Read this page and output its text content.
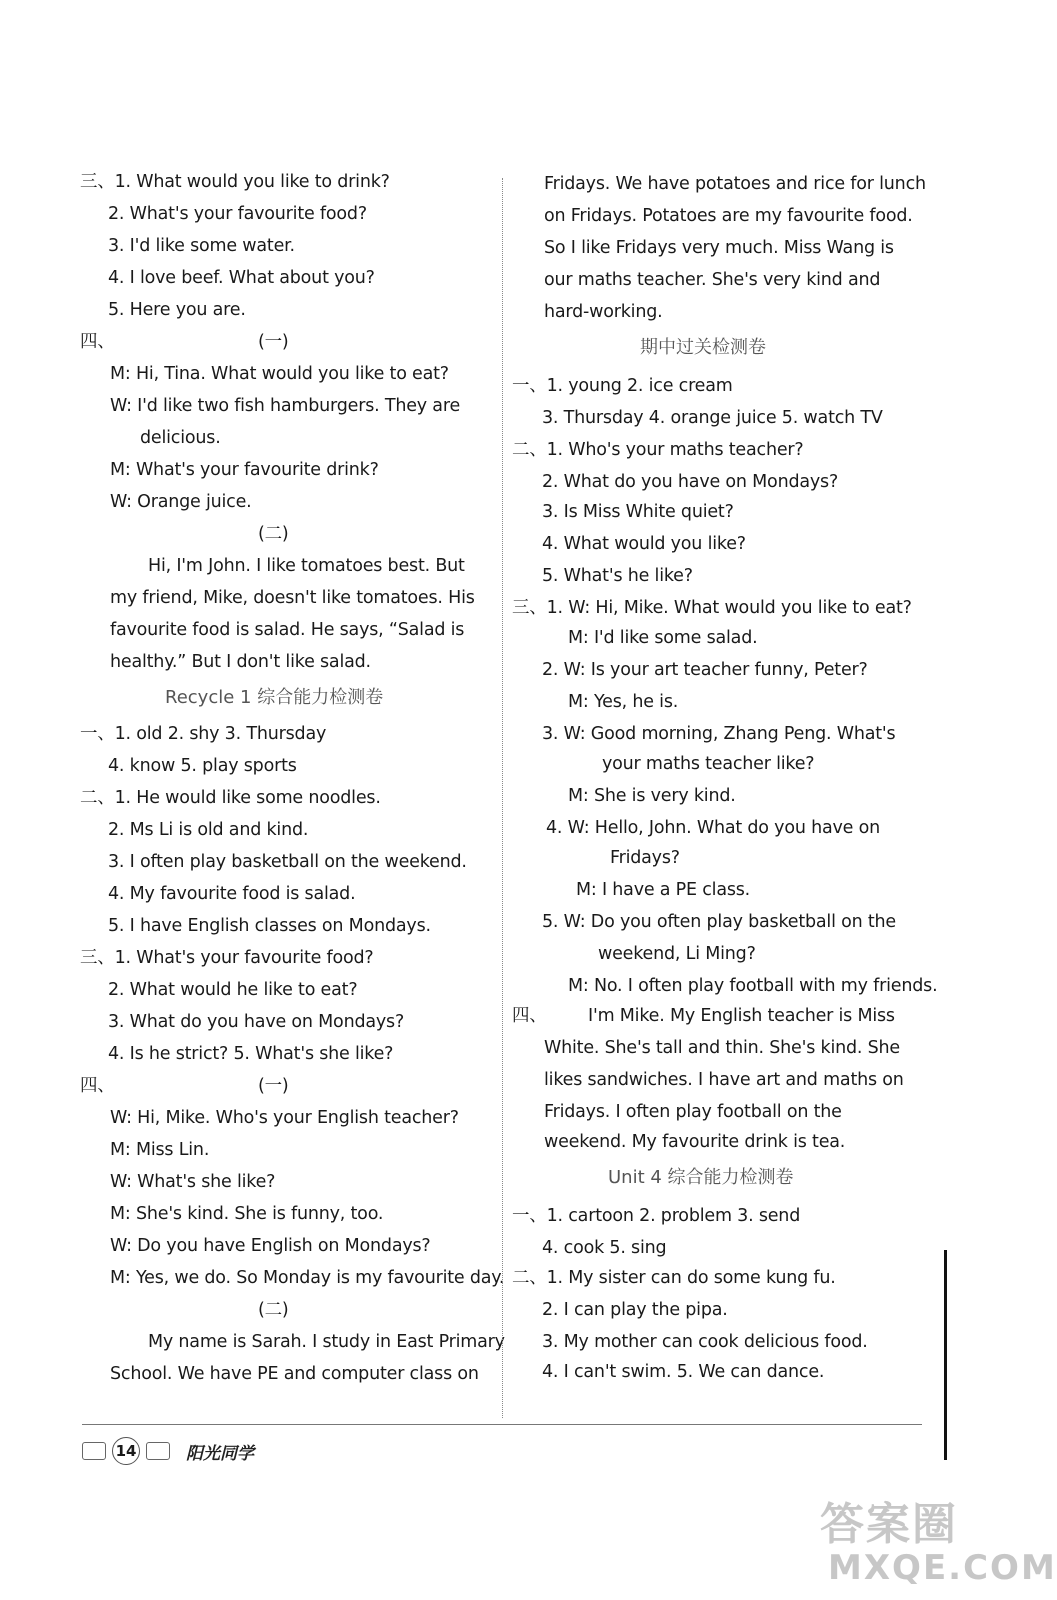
三、1. What would you like to drink?
2. What's your favourite food?
3. I'd like some water.
4. I love beef. What about you?
5. Here you are.
四、	(一)
M: Hi, Tina. What would you like to eat?
W: I'd like two fish hamburgers. They are
delicious.
M: What's your favourite drink?
W: Orange juice.
(二)
Hi, I'm John. I like tomatoes best. But
my friend, Mike, doesn't like tomatoes. His
favourite food is salad. He says, “Salad is
healthy.” But I don't like salad.
Recycle 1 综合能力检测卷
一、1. old 2. shy 3. Thursday
4. know 5. play sports
二、1. He would like some noodles.
2. Ms Li is old and kind.
3. I often play basketball on the weekend.
4. My favourite food is salad.
5. I have English classes on Mondays.
三、1. What's your favourite food?
2. What would he like to eat?
3. What do you have on Mondays?
4. Is he strict? 5. What's she like?
四、	(一)
W: Hi, Mike. Who's your English teacher?
M: Miss Lin.
W: What's she like?
M: She's kind. She is funny, too.
W: Do you have English on Mondays?
M: Yes, we do. So Monday is my favourite day.
(二)
My name is Sarah. I study in East Primary
School. We have PE and computer class on
Fridays. We have potatoes and rice for lunch
on Fridays. Potatoes are my favourite food.
So I like Fridays very much. Miss Wang is
our maths teacher. She's very kind and
hard-working.
期中过关检测卷
一、1. young 2. ice cream
3. Thursday 4. orange juice 5. watch TV
二、1. Who's your maths teacher?
2. What do you have on Mondays?
3. Is Miss White quiet?
4. What would you like?
5. What's he like?
三、1. W: Hi, Mike. What would you like to eat?
M: I'd like some salad.
2. W: Is your art teacher funny, Peter?
M: Yes, he is.
3. W: Good morning, Zhang Peng. What's
your maths teacher like?
M: She is very kind.
4. W: Hello, John. What do you have on
Fridays?
M: I have a PE class.
5. W: Do you often play basketball on the
weekend, Li Ming?
M: No. I often play football with my friends.
四、 I'm Mike. My English teacher is Miss
White. She's tall and thin. She's kind. She
likes sandwiches. I have art and maths on
Fridays. I often play football on the
weekend. My favourite drink is tea.
Unit 4 综合能力检测卷
一、1. cartoon 2. problem 3. send
4. cook 5. sing
二、1. My sister can do some kung fu.
2. I can play the pipa.
3. My mother can cook delicious food.
4. I can't swim. 5. We can dance.
14	阳光同学
答案圈
MXQE.COM
